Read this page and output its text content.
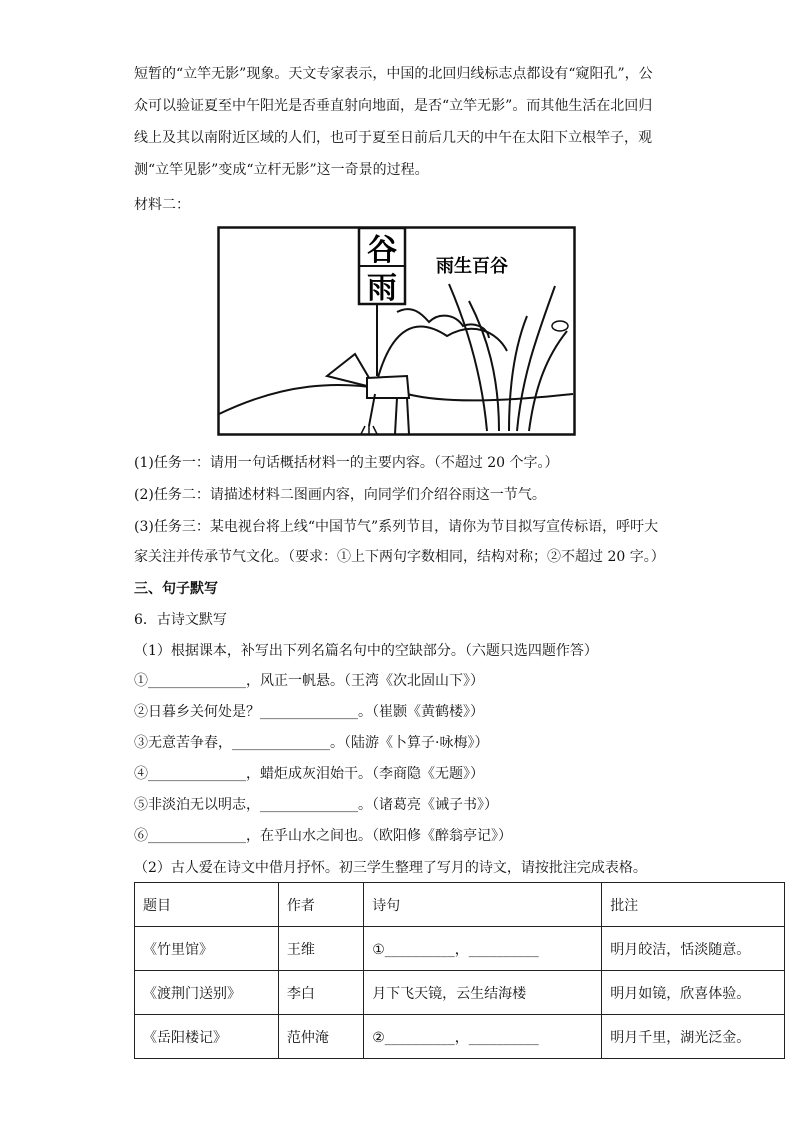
短暂的“立竿无影”现象。天文专家表示，中国的北回归线标志点都设有“窥阳孔”，公

众可以验证夏至中午阳光是否垂直射向地面，是否“立竿无影”。而其他生活在北回归

线上及其以南附近区域的人们，也可于夏至日前后几天的中午在太阳下立根竿子，观

测“立竿见影”变成“立杆无影”这一奇景的过程。

材料二：
谷
雨
雨生百谷
(1)任务一：请用一句话概括材料一的主要内容。（不超过 20 个字。）
(2)任务二：请描述材料二图画内容，向同学们介绍谷雨这一节气。
(3)任务三：某电视台将上线“中国节气”系列节目，请你为节目拟写宣传标语，呼吁大
家关注并传承节气文化。（要求：①上下两句字数相同，结构对称；②不超过 20 字。）
三、句子默写
6．古诗文默写
（1）根据课本，补写出下列名篇名句中的空缺部分。（六题只选四题作答）
①______________，风正一帆悬。（王湾《次北固山下》）
②日暮乡关何处是？______________。（崔颢《黄鹤楼》）
③无意苦争春，______________。（陆游《卜算子·咏梅》）
④______________，蜡炬成灰泪始干。（李商隐《无题》）
⑤非淡泊无以明志，______________。（诸葛亮《诫子书》）
⑥______________，在乎山水之间也。（欧阳修《醉翁亭记》）
（2）古人爱在诗文中借月抒怀。初三学生整理了写月的诗文，请按批注完成表格。
题目	作者	诗句	批注
《竹里馆》	王维	①__________，__________	明月皎洁，恬淡随意。
《渡荆门送别》	李白	月下飞天镜，云生结海楼	明月如镜，欣喜体验。
《岳阳楼记》	范仲淹	②__________，__________	明月千里，湖光泛金。
